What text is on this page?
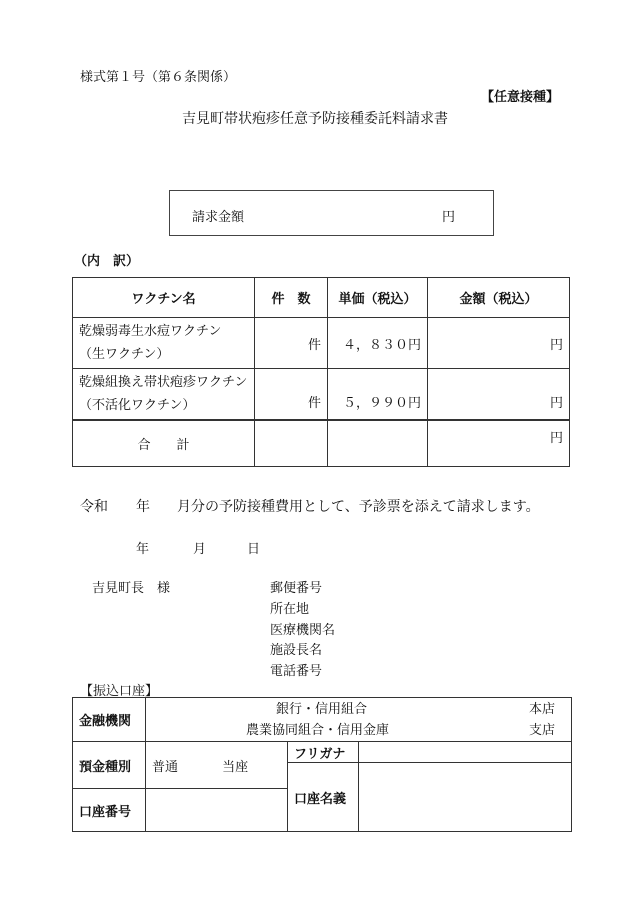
様式第１号（第６条関係）
【任意接種】
吉見町帯状疱疹任意予防接種委託料請求書
請求金額	円
（内　訳）
ワクチン名	件　数	単価（税込）	金額（税込）

乾燥弱毒生水痘ワクチン
（生ワクチン）	件	４，８３０円	円

乾燥組換え帯状疱疹ワクチン
（不活化ワクチン）	件	５，９９０円	円
合　　計			円
令和 年 月分の予防接種費用として、予診票を添えて請求します。
年	月	日
吉見町長　様	郵便番号
所在地
医療機関名
施設長名
電話番号
【振込口座】
金融機関	銀行・信用組合 本店
農業協同組合・信用金庫 支店		

預金種別	普通 当座	フリガナ	
		口座名義	
口座番号			
